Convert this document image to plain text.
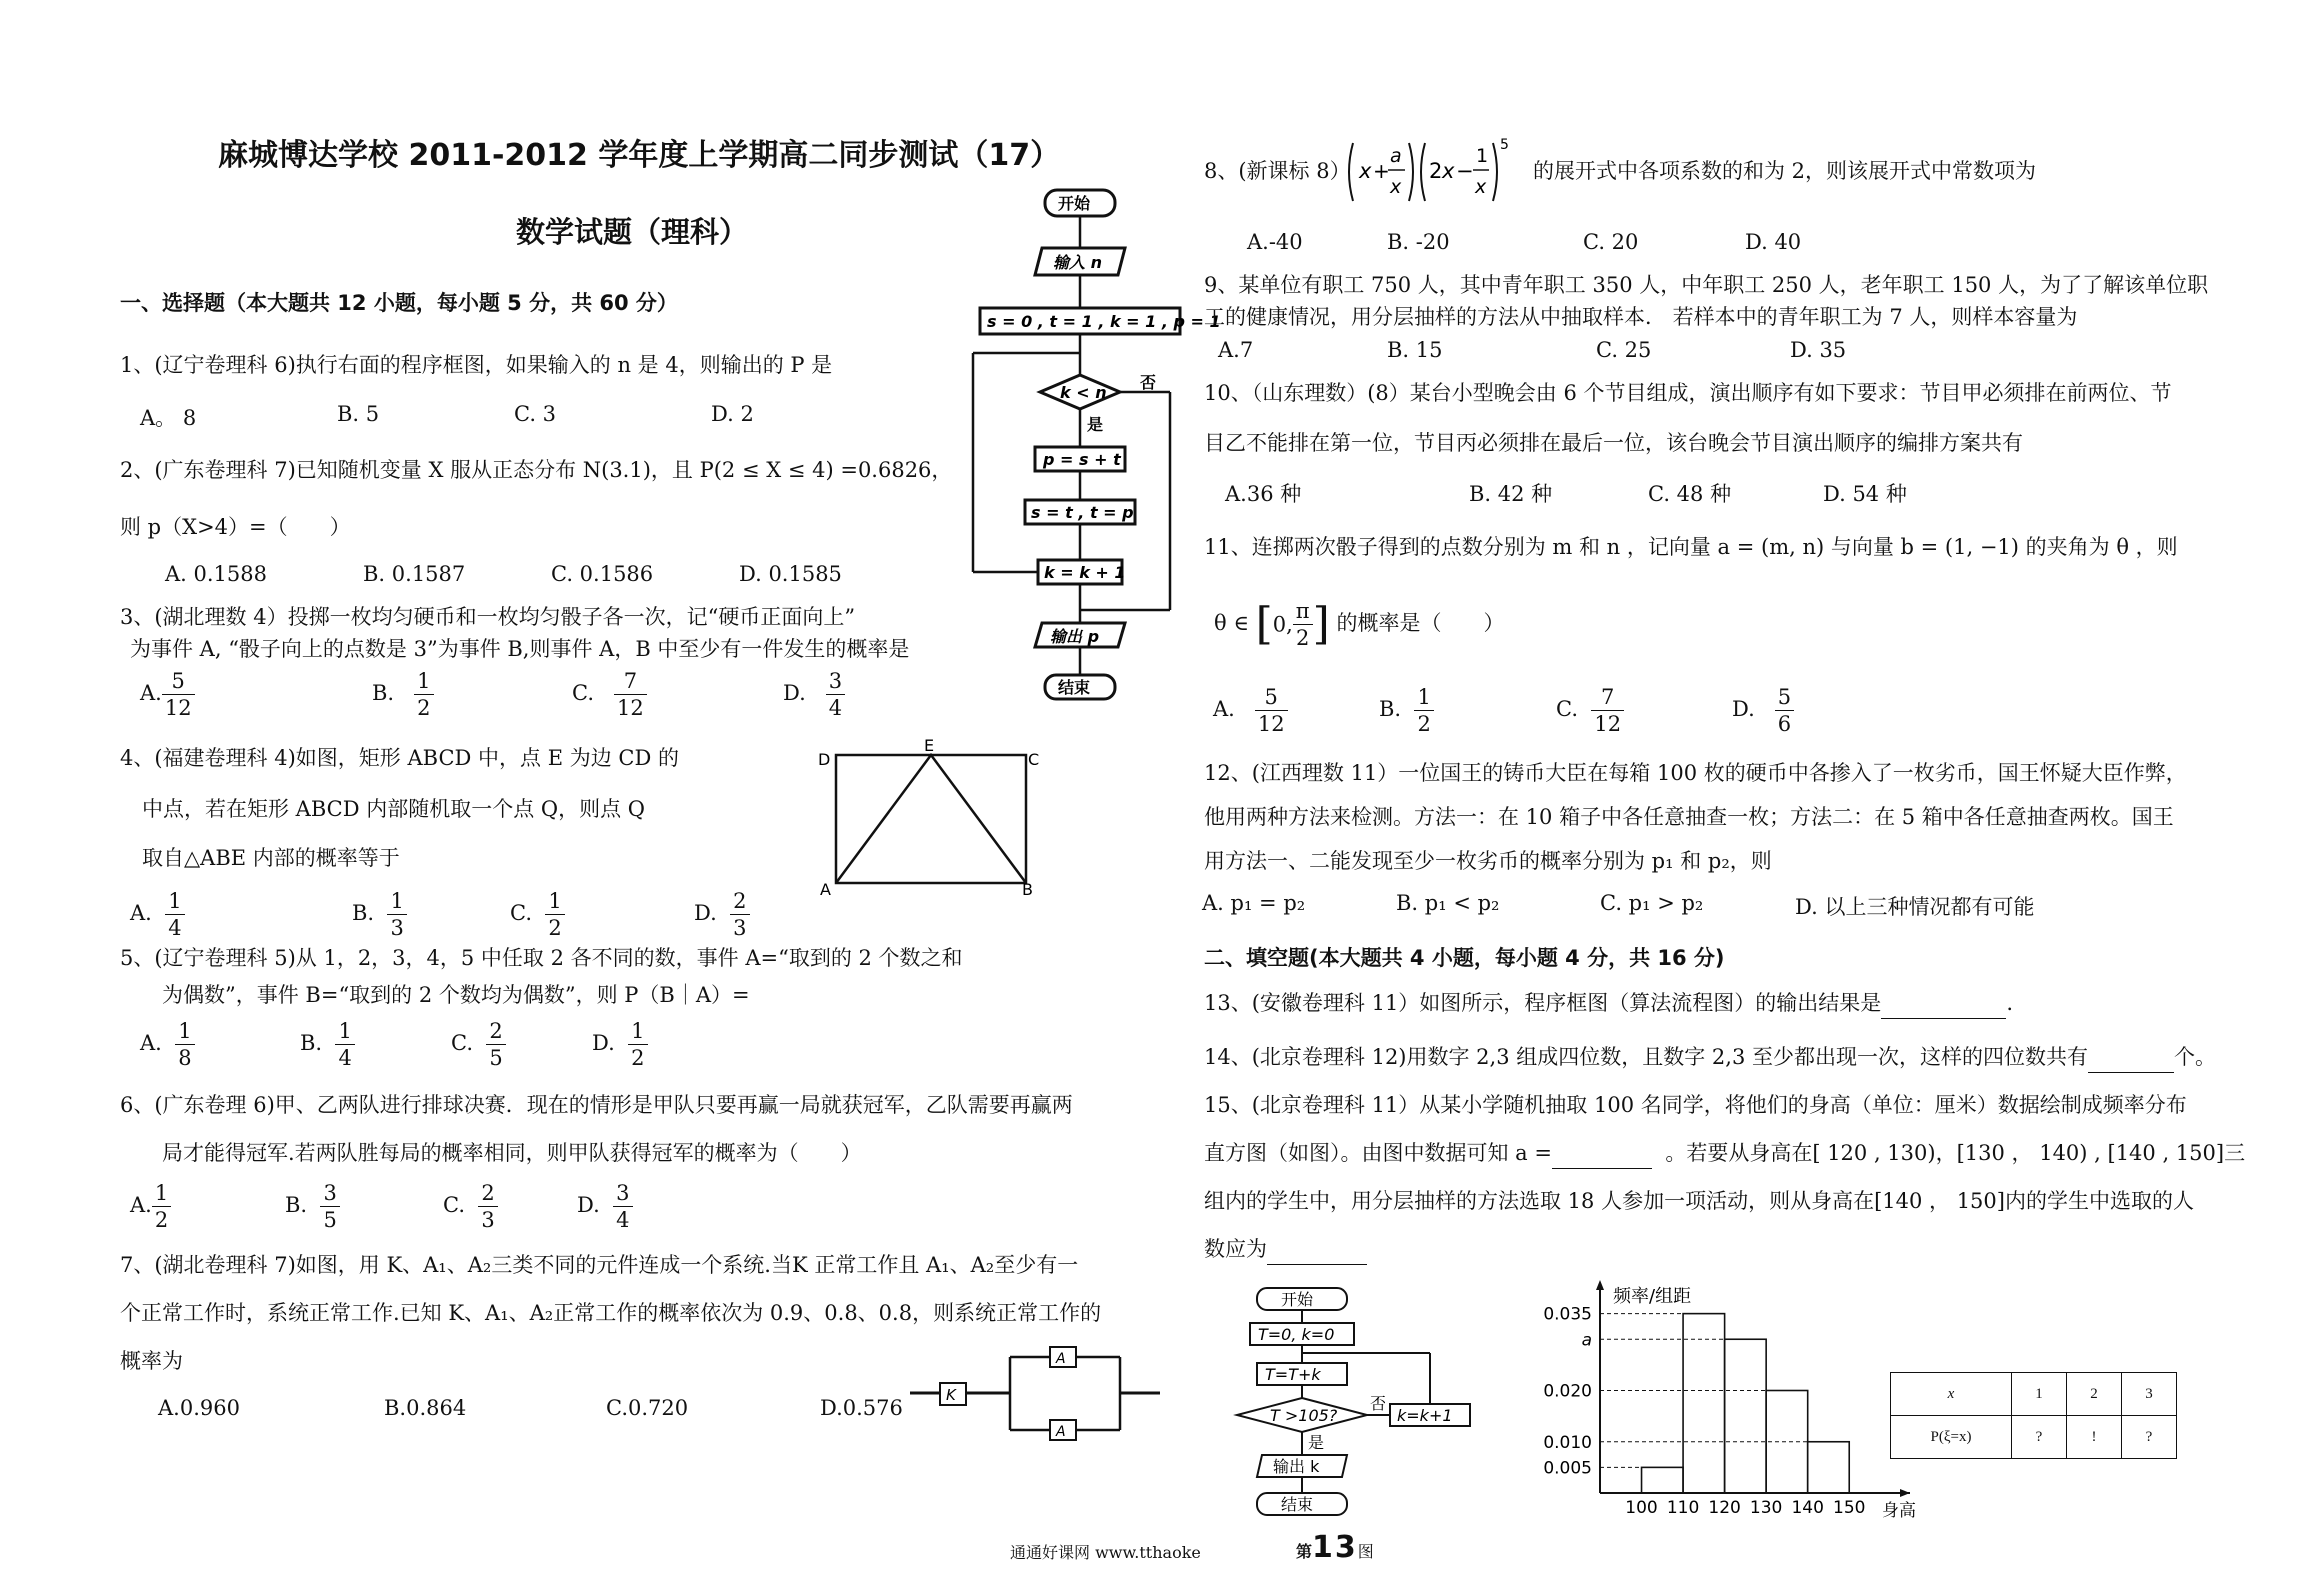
麻城博达学校 2011-2012 学年度上学期高二同步测试（17）
数学试题（理科）
一、选择题（本大题共 12 小题，每小题 5 分，共 60 分）
1、(辽宁卷理科 6)执行右面的程序框图，如果输入的 n 是 4，则输出的 P 是
A。 8	B. 5	C. 3	D. 2
2、(广东卷理科 7)已知随机变量 X 服从正态分布 N(3.1)，且 P(2 ≤ X ≤ 4) =0.6826，
则 p（X>4）=（　　）
A. 0.1588	B. 0.1587	C. 0.1586	D. 0.1585
3、(湖北理数 4）投掷一枚均匀硬币和一枚均匀骰子各一次，记“硬币正面向上”
为事件 A, “骰子向上的点数是 3”为事件 B,则事件 A，B 中至少有一件发生的概率是
A. $\frac{5}{12}$	B. $\frac{1}{2}$	C. $\frac{7}{12}$	D. $\frac{3}{4}$
4、(福建卷理科 4)如图，矩形 ABCD 中，点 E 为边 CD 的
中点，若在矩形 ABCD 内部随机取一个点 Q，则点 Q
取自△ABE 内部的概率等于
A. $\frac{1}{4}$	B. $\frac{1}{3}$	C. $\frac{1}{2}$	D. $\frac{2}{3}$
D
E
C
A	B
5、(辽宁卷理科 5)从 1，2，3，4，5 中任取 2 各不同的数，事件 A=“取到的 2 个数之和
为偶数”，事件 B=“取到的 2 个数均为偶数”，则 P（B｜A）=
A. $\frac{1}{8}$	B. $\frac{1}{4}$	C. $\frac{2}{5}$	D. $\frac{1}{2}$
6、(广东卷理 6)甲、乙两队进行排球决赛．现在的情形是甲队只要再赢一局就获冠军，乙队需要再赢两
局才能得冠军.若两队胜每局的概率相同，则甲队获得冠军的概率为（　　）
A. $\frac{1}{2}$	B. $\frac{3}{5}$	C. $\frac{2}{3}$	D. $\frac{3}{4}$
7、(湖北卷理科 7)如图，用 K、A₁、A₂三类不同的元件连成一个系统.当K 正常工作且 A₁、A₂至少有一
个正常工作时，系统正常工作.已知 K、A₁、A₂正常工作的概率依次为 0.9、0.8、0.8，则系统正常工作的
概率为
A.0.960	B.0.864	C.0.720	D.0.576
K
A
A
开始
输入 n
s = 0 , t = 1 , k = 1 , p = 1
k < n
否
是
p = s + t
s = t , t = p
k = k + 1
输出 p
结束
8、(新课标 8） x +
a
x
2 x −
1
x
5
的展开式中各项系数的和为 2，则该展开式中常数项为
A.-40	B. -20	C. 20	D. 40
9、某单位有职工 750 人，其中青年职工 350 人，中年职工 250 人，老年职工 150 人，为了了解该单位职
工的健康情况，用分层抽样的方法从中抽取样本． 若样本中的青年职工为 7 人，则样本容量为
A.7	B. 15	C. 25	D. 35
10、（山东理数）(8）某台小型晚会由 6 个节目组成，演出顺序有如下要求：节目甲必须排在前两位、节
目乙不能排在第一位，节目丙必须排在最后一位，该台晚会节目演出顺序的编排方案共有
A.36 种	B. 42 种	C. 48 种	D. 54 种
11、连掷两次骰子得到的点数分别为 m 和 n ，记向量 a = (m, n) 与向量 b = (1, −1) 的夹角为 θ ，则
θ ∈ [0, $\frac{\pi}{2}$ ] 的概率是（　　）
A. $\frac{5}{12}$	B. $\frac{1}{2}$	C. $\frac{7}{12}$	D. $\frac{5}{6}$
12、(江西理数 11）一位国王的铸币大臣在每箱 100 枚的硬币中各掺入了一枚劣币，国王怀疑大臣作弊，
他用两种方法来检测。方法一：在 10 箱子中各任意抽查一枚；方法二：在 5 箱中各任意抽查两枚。国王
用方法一、二能发现至少一枚劣币的概率分别为 p₁ 和 p₂，则
A. p₁ = p₂	B. p₁ < p₂	C. p₁ > p₂	D. 以上三种情况都有可能
二、填空题(本大题共 4 小题，每小题 4 分，共 16 分)
13、(安徽卷理科 11）如图所示，程序框图（算法流程图）的输出结果是	.
14、(北京卷理科 12)用数字 2,3 组成四位数，且数字 2,3 至少都出现一次，这样的四位数共有	个。
15、(北京卷理科 11）从某小学随机抽取 100 名同学，将他们的身高（单位：厘米）数据绘制成频率分布
直方图（如图）。由图中数据可知 a =	。若要从身高在[ 120 , 130)，[130 ， 140) , [140 , 150]三
组内的学生中，用分层抽样的方法选取 18 人参加一项活动，则从身高在[140 ， 150]内的学生中选取的人
数应为
开始
T=0, k=0
T=T+k
T >105?
否
k=k+1
是
输出 k
结束
频率/组距
身高
0.035
a
0.020
0.010
0.005
100 110 120 130 140 150
x	1	2	3
P(ξ=x)	?	!	?
通通好课网 www.tthaoke	第13图
